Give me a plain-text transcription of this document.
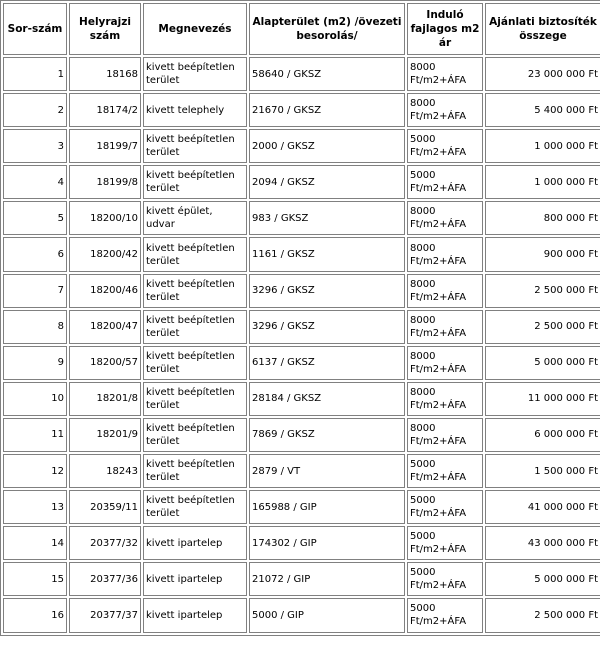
Sor-szám	Helyrajzi szám	Megnevezés	Alapterület (m2) /övezeti besorolás/	Induló fajlagos m2 ár	Ajánlati biztosíték összege
1	18168	kivett beépítetlen terület	58640 / GKSZ	8000 Ft/m2+ÁFA	23 000 000 Ft
2	18174/2	kivett telephely	21670 / GKSZ	8000 Ft/m2+ÁFA	5 400 000 Ft
3	18199/7	kivett beépítetlen terület	2000 / GKSZ	5000 Ft/m2+ÁFA	1 000 000 Ft
4	18199/8	kivett beépítetlen terület	2094 / GKSZ	5000 Ft/m2+ÁFA	1 000 000 Ft
5	18200/10	kivett épület, udvar	983 / GKSZ	8000 Ft/m2+ÁFA	800 000 Ft
6	18200/42	kivett beépítetlen terület	1161 / GKSZ	8000 Ft/m2+ÁFA	900 000 Ft
7	18200/46	kivett beépítetlen terület	3296 / GKSZ	8000 Ft/m2+ÁFA	2 500 000 Ft
8	18200/47	kivett beépítetlen terület	3296 / GKSZ	8000 Ft/m2+ÁFA	2 500 000 Ft
9	18200/57	kivett beépítetlen terület	6137 / GKSZ	8000 Ft/m2+ÁFA	5 000 000 Ft
10	18201/8	kivett beépítetlen terület	28184 / GKSZ	8000 Ft/m2+ÁFA	11 000 000 Ft
11	18201/9	kivett beépítetlen terület	7869 / GKSZ	8000 Ft/m2+ÁFA	6 000 000 Ft
12	18243	kivett beépítetlen terület	2879 / VT	5000 Ft/m2+ÁFA	1 500 000 Ft
13	20359/11	kivett beépítetlen terület	165988 / GIP	5000 Ft/m2+ÁFA	41 000 000 Ft
14	20377/32	kivett ipartelep	174302 / GIP	5000 Ft/m2+ÁFA	43 000 000 Ft
15	20377/36	kivett ipartelep	21072 / GIP	5000 Ft/m2+ÁFA	5 000 000 Ft
16	20377/37	kivett ipartelep	5000 / GIP	5000 Ft/m2+ÁFA	2 500 000 Ft
